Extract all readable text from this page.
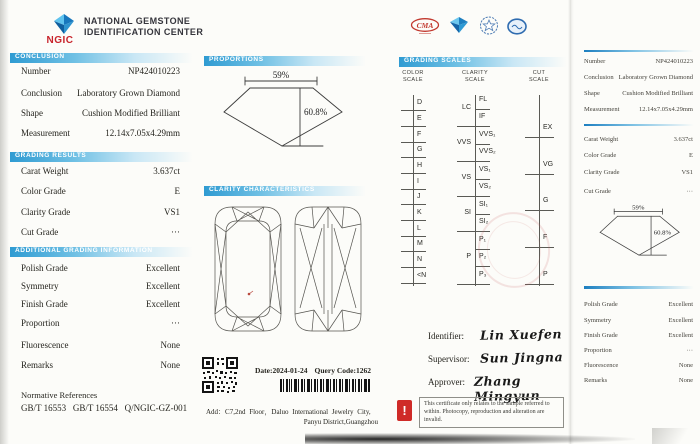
NGIC
NATIONAL GEMSTONE
IDENTIFICATION CENTER
CMA
CONCLUSION
Number	NP424010223
Conclusion Laboratory Grown Diamond
Shape	Cushion Modified Brilliant
Measurement	12.14x7.05x4.29mm
GRADING RESULTS
Carat Weight	3.637ct
Color Grade	E
Clarity Grade	VS1
Cut Grade	···
ADDITIONAL GRADING INFORMATION
Polish Grade	Excellent
Symmetry	Excellent
Finish Grade	Excellent
Proportion	···
Fluorescence	None
Remarks	None
Normative References
GB/T 16553   GB/T 16554   Q/NGIC-GZ-001
PROPORTIONS
59%
60.8%
CLARITY CHARACTERISTICS
Date:2024-01-24 Query Code:1262
Add：C7,2nd Floor，Daluo International Jewelry City,
Panyu District,Guangzhou
GRADING SCALES
COLOR
SCALE
CLARITY
SCALE
CUT
SCALE
D
E
F
G
H
I
J
K
L
M
N
<N
FL
IF
VVS₁
VVS₂
VS₁
VS₂
SI₁
SI₂
P₁
P₂
P₃
LC
VVS
VS
SI
P
EX
VG
G
F
P
Identifier:	Lin Xuefen
Supervisor: Sun Jingna
Approver: Zhang Mingyun
!
This certificate only relates to the sample referred to within. Photocopy, reproduction and alteration are invalid.
Number	NP424010223
Conclusion Laboratory Grown Diamond
Shape	Cushion Modified Brilliant
Measurement	12.14x7.05x4.29mm
Carat Weight	3.637ct
Color Grade	E
Clarity Grade	VS1
Cut Grade	···
59%
60.8%
Polish Grade	Excellent
Symmetry	Excellent
Finish Grade	Excellent
Proportion	···
Fluorescence	None
Remarks	None
